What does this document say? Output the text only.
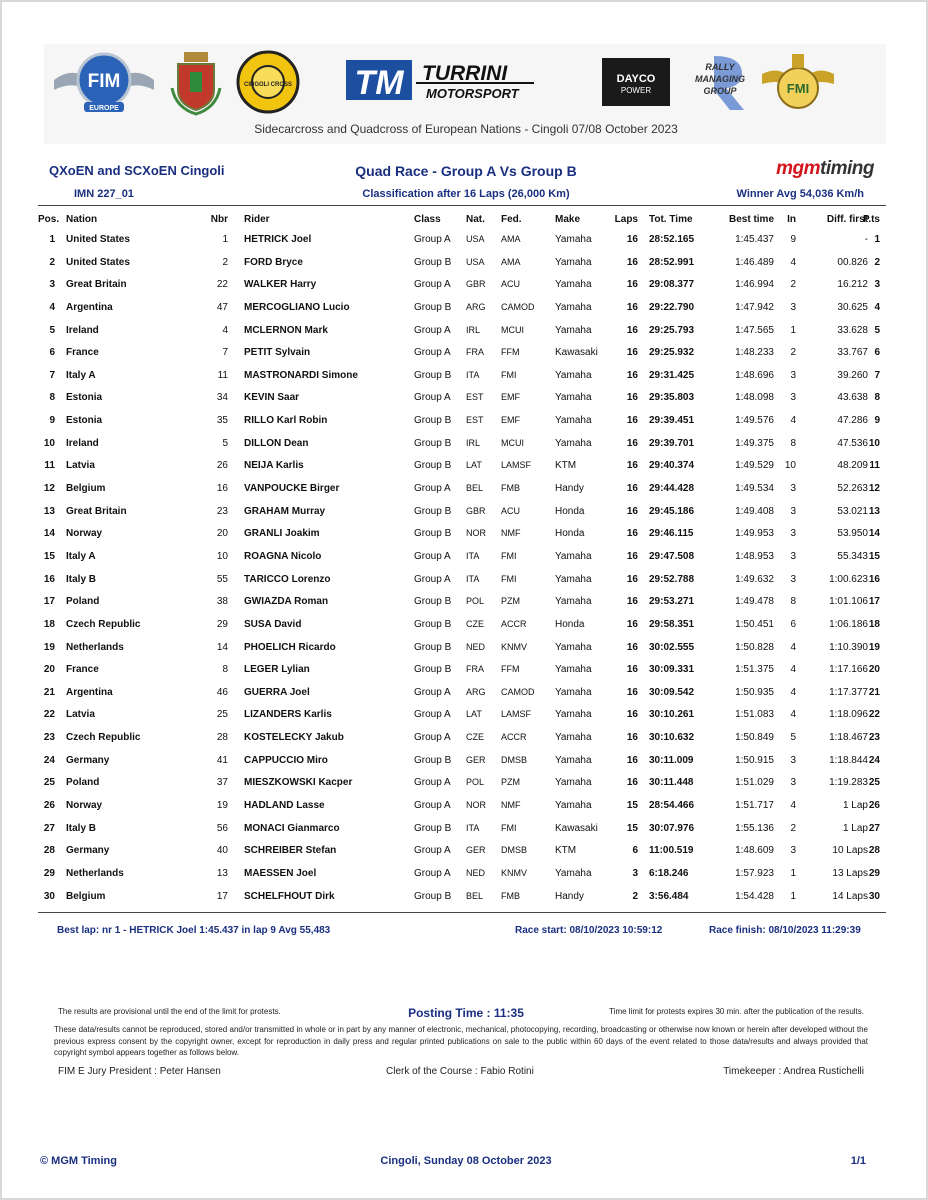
FIM
EUROPE
CINGOLI CROSS TM TURRINI
MOTORSPORT
DAYCO
POWER
RALLY
MANAGING
GROUP	FMI
Sidecarcross and Quadcross of European Nations - Cingoli 07/08 October 2023
QXoEN and SCXoEN Cingoli
IMN 227_01
Quad Race - Group A Vs Group B
Classification after 16 Laps (26,000 Km)	Winner Avg 54,036 Km/h
mgmtiming
Pos. Nation	Nbr Rider	Class	Nat. Fed.	Make	Laps Tot. Time	Best time	In	Diff. first
P.ts
1 United States	1 HETRICK Joel	Group A USA AMA	Yamaha	16 28:52.165	1:45.437	9	- 1
2 United States	2 FORD Bryce	Group B USA AMA	Yamaha	16 28:52.991	1:46.489	4	00.826 2
3 Great Britain	22 WALKER Harry	Group A GBR ACU	Yamaha	16 29:08.377	1:46.994	2	16.212 3
4 Argentina	47 MERCOGLIANO Lucio	Group B ARG CAMOD Yamaha	16 29:22.790	1:47.942	3	30.625 4
5 Ireland	4 MCLERNON Mark	Group A IRL MCUI	Yamaha	16 29:25.793	1:47.565	1	33.628 5
6 France	7 PETIT Sylvain	Group A FRA FFM	Kawasaki	16 29:25.932	1:48.233	2	33.767 6
7 Italy A	11 MASTRONARDI Simone	Group B ITA FMI	Yamaha	16 29:31.425	1:48.696	3	39.260 7
8 Estonia	34 KEVIN Saar	Group A EST EMF	Yamaha	16 29:35.803	1:48.098	3	43.638 8
9 Estonia	35 RILLO Karl Robin	Group B EST EMF	Yamaha	16 29:39.451	1:49.576	4	47.286 9
10 Ireland	5 DILLON Dean	Group B IRL MCUI	Yamaha	16 29:39.701	1:49.375	8	47.536 10
11 Latvia	26 NEIJA Karlis	Group B LAT LAMSF KTM	16 29:40.374	1:49.529 10	48.209 11
12 Belgium	16 VANPOUCKE Birger	Group A BEL FMB	Handy	16 29:44.428	1:49.534	3	52.263 12
13 Great Britain	23 GRAHAM Murray	Group B GBR ACU	Honda	16 29:45.186	1:49.408	3	53.021 13
14 Norway	20 GRANLI Joakim	Group B NOR NMF	Honda	16 29:46.115	1:49.953	3	53.950 14
15 Italy A	10 ROAGNA Nicolo	Group A ITA FMI	Yamaha	16 29:47.508	1:48.953	3	55.343 15
16 Italy B	55 TARICCO Lorenzo	Group A ITA FMI	Yamaha	16 29:52.788	1:49.632	3	1:00.623 16
17 Poland	38 GWIAZDA Roman	Group B POL PZM	Yamaha	16 29:53.271	1:49.478	8	1:01.106 17
18 Czech Republic	29 SUSA David	Group B CZE ACCR	Honda	16 29:58.351	1:50.451	6	1:06.186 18
19 Netherlands	14 PHOELICH Ricardo	Group B NED KNMV	Yamaha	16 30:02.555	1:50.828	4	1:10.390 19
20 France	8 LEGER Lylian	Group B FRA FFM	Yamaha	16 30:09.331	1:51.375	4	1:17.166 20
21 Argentina	46 GUERRA Joel	Group A ARG CAMOD Yamaha	16 30:09.542	1:50.935	4	1:17.377 21
22 Latvia	25 LIZANDERS Karlis	Group A LAT LAMSF Yamaha	16 30:10.261	1:51.083	4	1:18.096 22
23 Czech Republic	28 KOSTELECKY Jakub	Group A CZE ACCR	Yamaha	16 30:10.632	1:50.849	5	1:18.467 23
24 Germany	41 CAPPUCCIO Miro	Group B GER DMSB	Yamaha	16 30:11.009	1:50.915	3	1:18.844 24
25 Poland	37 MIESZKOWSKI Kacper	Group A POL PZM	Yamaha	16 30:11.448	1:51.029	3	1:19.283 25
26 Norway	19 HADLAND Lasse	Group A NOR NMF	Yamaha	15 28:54.466	1:51.717	4	1 Lap 26
27 Italy B	56 MONACI Gianmarco	Group B ITA FMI	Kawasaki	15 30:07.976	1:55.136	2	1 Lap 27
28 Germany	40 SCHREIBER Stefan	Group A GER DMSB	KTM	6 11:00.519	1:48.609	3	10 Laps 28
29 Netherlands	13 MAESSEN Joel	Group A NED KNMV	Yamaha	3 6:18.246	1:57.923	1	13 Laps 29
30 Belgium	17 SCHELFHOUT Dirk	Group B BEL FMB	Handy	2 3:56.484	1:54.428	1	14 Laps 30
Best lap: nr 1 - HETRICK Joel 1:45.437 in lap 9 Avg 55,483	Race start: 08/10/2023 10:59:12	Race finish: 08/10/2023 11:29:39
The results are provisional until the end of the limit for protests.	Posting Time : 11:35	Time limit for protests expires 30 min. after the publication of the results.
These data/results cannot be reproduced, stored and/or transmitted in whole or in part by any manner of electronic, mechanical, photocopying, recording, broadcasting or otherwise now known or herein after developed without the previous express consent by the copyright owner, except for reproduction in daily press and regular printed publications on sale to the public within 60 days of the event related to those data/results and always provided that copyright symbol appears together as follows below.
FIM E Jury President : Peter Hansen	Clerk of the Course : Fabio Rotini	Timekeeper : Andrea Rustichelli
© MGM Timing	Cingoli, Sunday 08 October 2023	1/1
